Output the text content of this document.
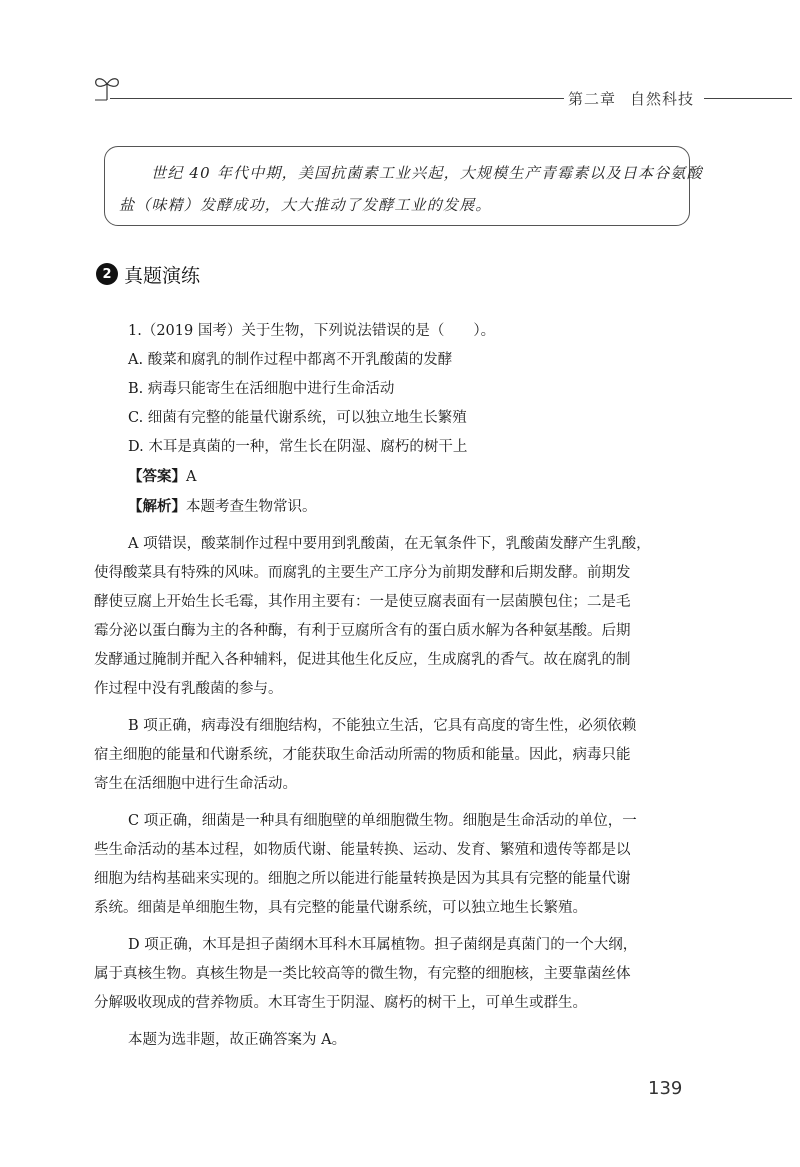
第二章 自然科技
世纪 40 年代中期，美国抗菌素工业兴起，大规模生产青霉素以及日本谷氨酸
盐（味精）发酵成功，大大推动了发酵工业的发展。
2 真题演练
1.（2019 国考）关于生物，下列说法错误的是（　　）。
A. 酸菜和腐乳的制作过程中都离不开乳酸菌的发酵
B. 病毒只能寄生在活细胞中进行生命活动
C. 细菌有完整的能量代谢系统，可以独立地生长繁殖
D. 木耳是真菌的一种，常生长在阴湿、腐朽的树干上
【答案】A
【解析】本题考查生物常识。
A 项错误，酸菜制作过程中要用到乳酸菌，在无氧条件下，乳酸菌发酵产生乳酸，
使得酸菜具有特殊的风味。而腐乳的主要生产工序分为前期发酵和后期发酵。前期发
酵使豆腐上开始生长毛霉，其作用主要有：一是使豆腐表面有一层菌膜包住；二是毛
霉分泌以蛋白酶为主的各种酶，有利于豆腐所含有的蛋白质水解为各种氨基酸。后期
发酵通过腌制并配入各种辅料，促进其他生化反应，生成腐乳的香气。故在腐乳的制
作过程中没有乳酸菌的参与。
B 项正确，病毒没有细胞结构，不能独立生活，它具有高度的寄生性，必须依赖
宿主细胞的能量和代谢系统，才能获取生命活动所需的物质和能量。因此，病毒只能
寄生在活细胞中进行生命活动。
C 项正确，细菌是一种具有细胞壁的单细胞微生物。细胞是生命活动的单位，一
些生命活动的基本过程，如物质代谢、能量转换、运动、发育、繁殖和遗传等都是以
细胞为结构基础来实现的。细胞之所以能进行能量转换是因为其具有完整的能量代谢
系统。细菌是单细胞生物，具有完整的能量代谢系统，可以独立地生长繁殖。
D 项正确，木耳是担子菌纲木耳科木耳属植物。担子菌纲是真菌门的一个大纲，
属于真核生物。真核生物是一类比较高等的微生物，有完整的细胞核，主要靠菌丝体
分解吸收现成的营养物质。木耳寄生于阴湿、腐朽的树干上，可单生或群生。
本题为选非题，故正确答案为 A。
139
